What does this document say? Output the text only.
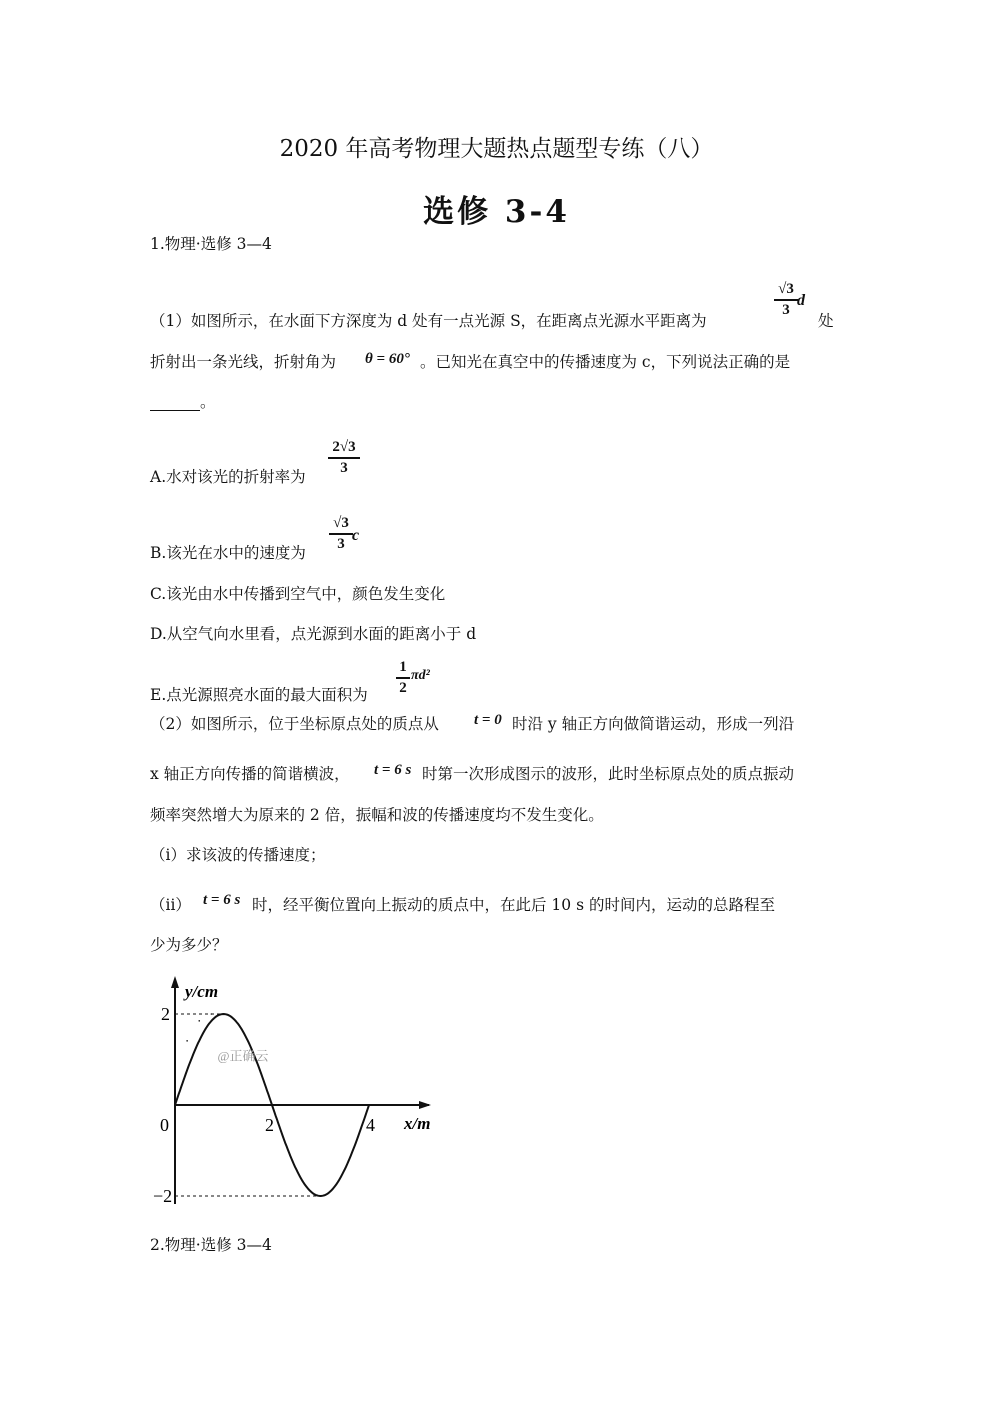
2020 年高考物理大题热点题型专练（八）
选修 3-4
1.物理·选修 3—4
（1）如图所示，在水面下方深度为 d 处有一点光源 S，在距离点光源水平距离为
√3
3
d
处
折射出一条光线，折射角为 θ = 60° 。已知光在真空中的传播速度为 c，下列说法正确的是
。
A.水对该光的折射率为
2√3
3
B.该光在水中的速度为
√3
3 c
C.该光由水中传播到空气中，颜色发生变化
D.从空气向水里看，点光源到水面的距离小于 d
E.点光源照亮水面的最大面积为
1
2
πd²
（2）如图所示，位于坐标原点处的质点从 t = 0 时沿 y 轴正方向做简谐运动，形成一列沿
x 轴正方向传播的简谐横波， t = 6 s 时第一次形成图示的波形，此时坐标原点处的质点振动
频率突然增大为原来的 2 倍，振幅和波的传播速度均不发生变化。
（i）求该波的传播速度；
（ii） t = 6 s 时，经平衡位置向上振动的质点中，在此后 10 s 的时间内，运动的总路程至
少为多少？
y/cm
x/m
2
−2
0	2	4
@正确云
2.物理·选修 3—4
